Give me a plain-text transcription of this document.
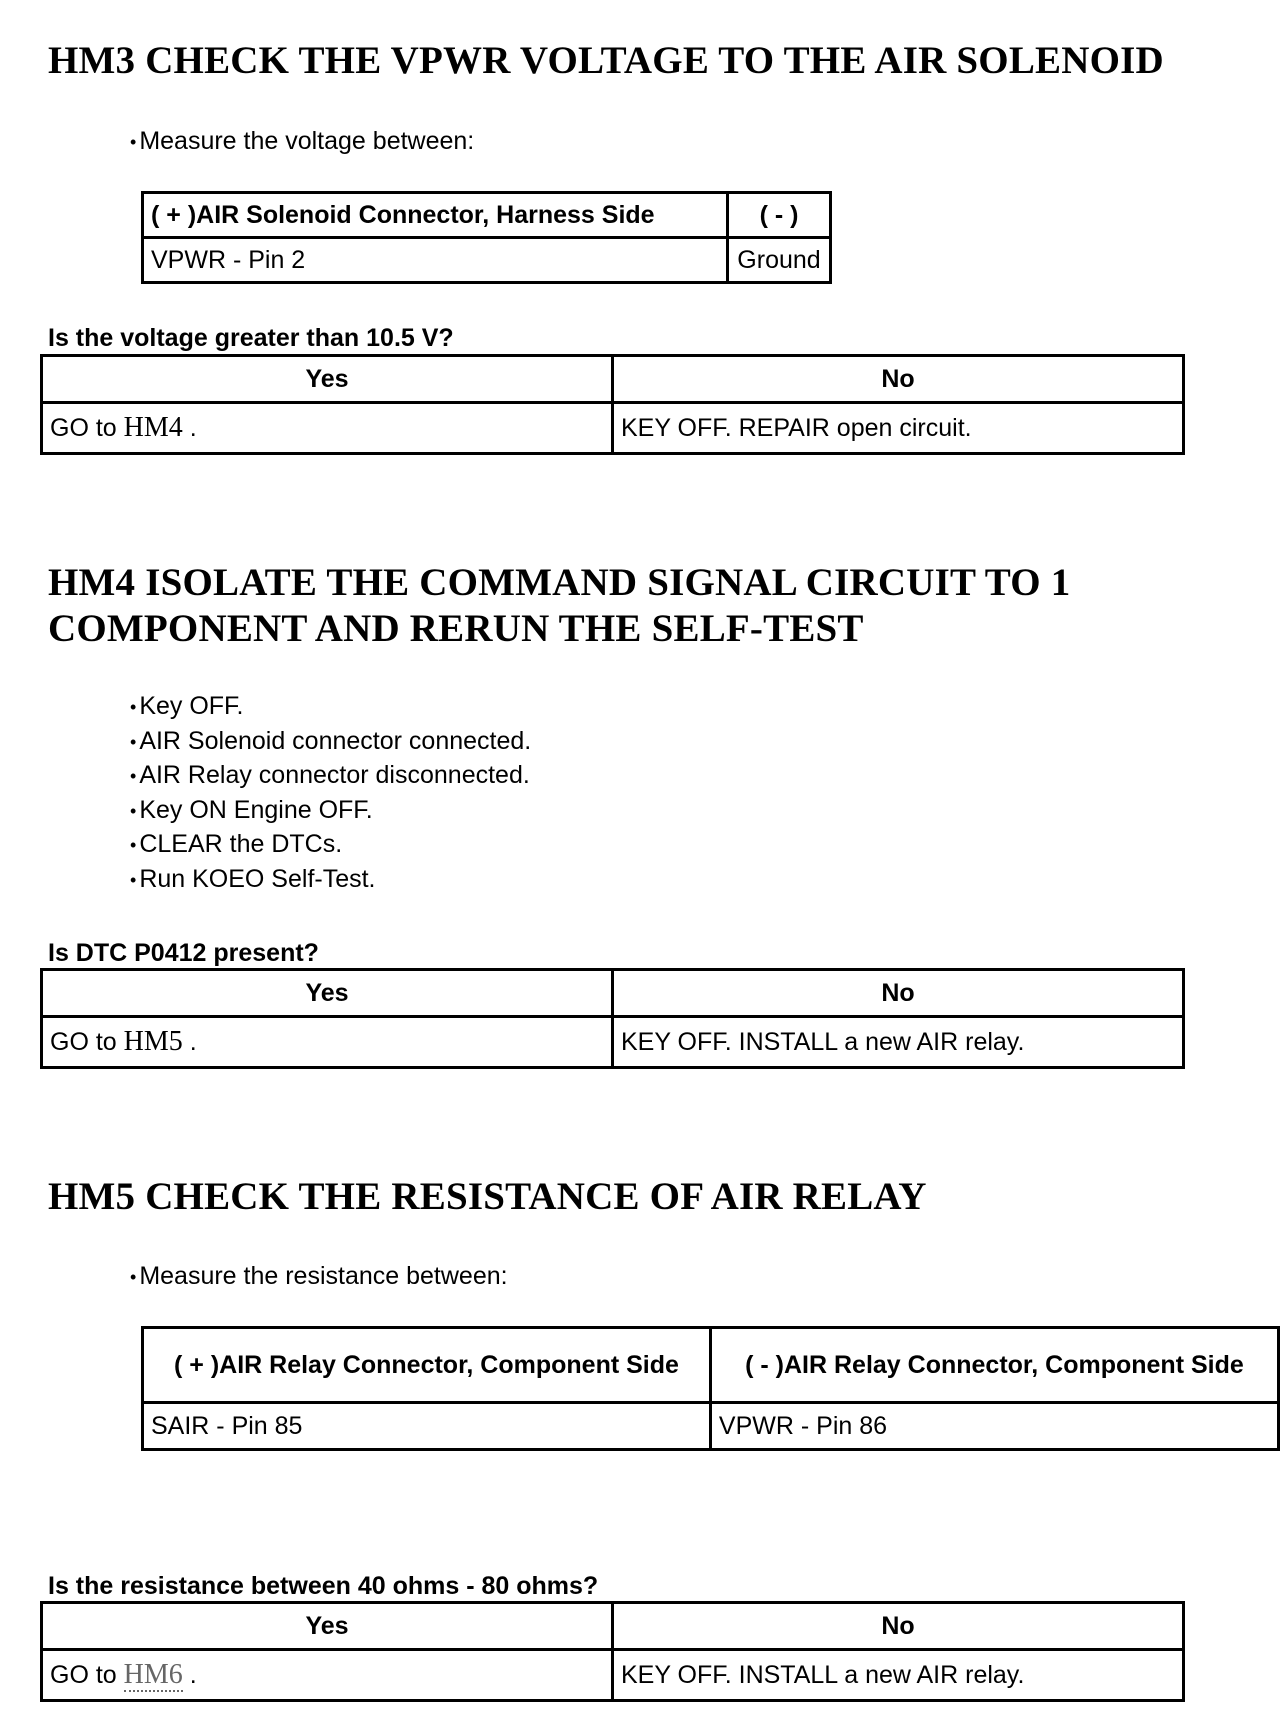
HM3 CHECK THE VPWR VOLTAGE TO THE AIR SOLENOID
• Measure the voltage between:
( + )AIR Solenoid Connector, Harness Side	( - )
VPWR - Pin 2	Ground
Is the voltage greater than 10.5 V?
Yes	No
GO to HM4 .	KEY OFF. REPAIR open circuit.
HM4 ISOLATE THE COMMAND SIGNAL CIRCUIT TO 1
COMPONENT AND RERUN THE SELF-TEST
• Key OFF.
• AIR Solenoid connector connected.
• AIR Relay connector disconnected.
• Key ON Engine OFF.
• CLEAR the DTCs.
• Run KOEO Self-Test.
Is DTC P0412 present?
Yes	No
GO to HM5 .	KEY OFF. INSTALL a new AIR relay.
HM5 CHECK THE RESISTANCE OF AIR RELAY
• Measure the resistance between:
( + )AIR Relay Connector, Component Side	( - )AIR Relay Connector, Component Side
SAIR - Pin 85	VPWR - Pin 86
Is the resistance between 40 ohms - 80 ohms?
Yes	No
GO to HM6 .	KEY OFF. INSTALL a new AIR relay.
